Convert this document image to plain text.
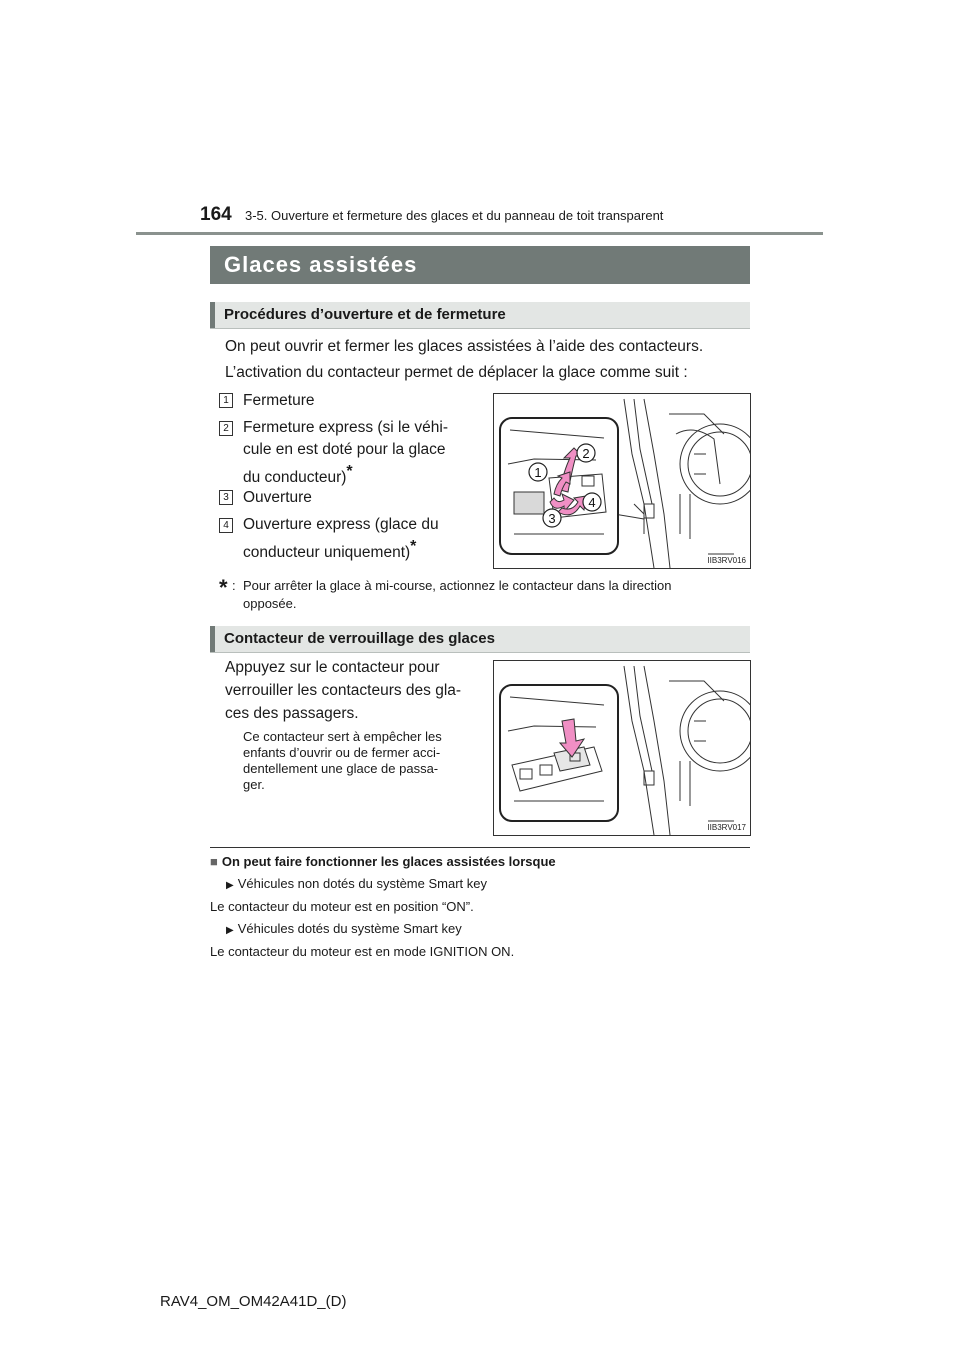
164 3-5. Ouverture et fermeture des glaces et du panneau de toit transparent
Glaces assistées
Procédures d’ouverture et de fermeture
On peut ouvrir et fermer les glaces assistées à l’aide des contacteurs.
L’activation du contacteur permet de déplacer la glace comme suit :
1 Fermeture
2 Fermeture express (si le véhi-
cule en est doté pour la glace
du conducteur)*
3 Ouverture
4 Ouverture express (glace du
conducteur uniquement)*
1
2
3
4
IIB3RV016
* : Pour arrêter la glace à mi-course, actionnez le contacteur dans la direction
opposée.
Contacteur de verrouillage des glaces
Appuyez sur le contacteur pour
verrouiller les contacteurs des gla-
ces des passagers.
Ce contacteur sert à empêcher les
enfants d’ouvrir ou de fermer acci-
dentellement une glace de passa-
ger.
IIB3RV017
■ On peut faire fonctionner les glaces assistées lorsque
▶ Véhicules non dotés du système Smart key
Le contacteur du moteur est en position “ON”.
▶ Véhicules dotés du système Smart key
Le contacteur du moteur est en mode IGNITION ON.
RAV4_OM_OM42A41D_(D)
